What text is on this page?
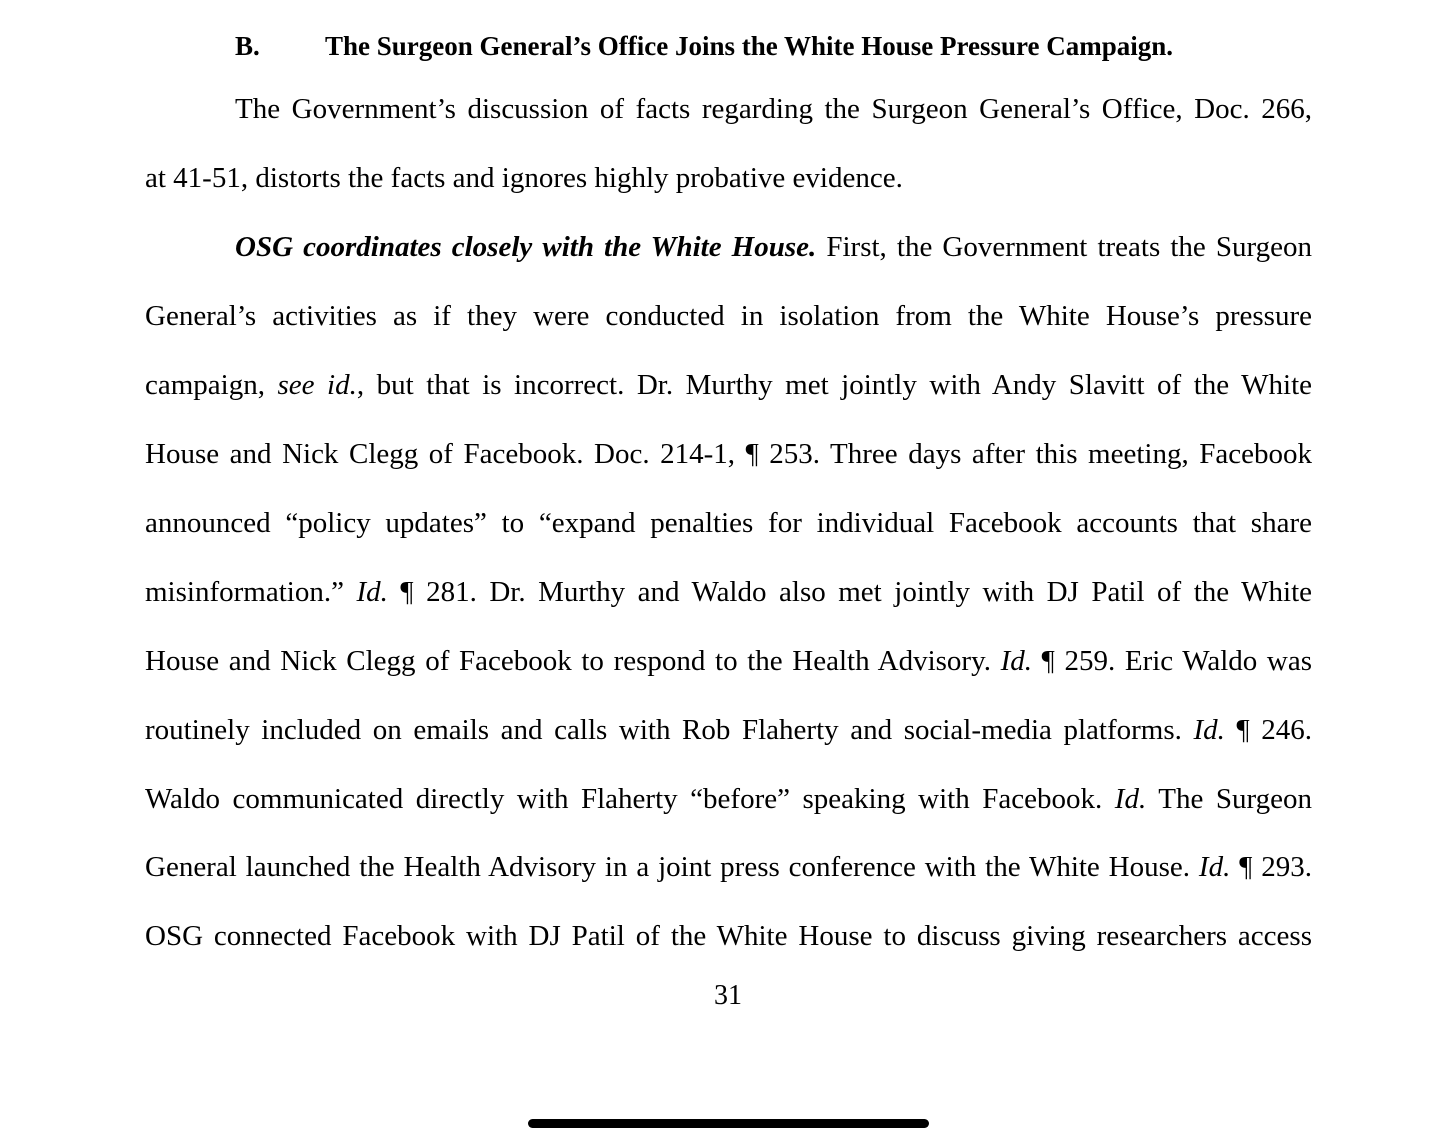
B. The Surgeon General’s Office Joins the White House Pressure Campaign.
The Government’s discussion of facts regarding the Surgeon General’s Office, Doc. 266,
at 41-51, distorts the facts and ignores highly probative evidence.
OSG coordinates closely with the White House. First, the Government treats the Surgeon
General’s activities as if they were conducted in isolation from the White House’s pressure
campaign, see id., but that is incorrect. Dr. Murthy met jointly with Andy Slavitt of the White
House and Nick Clegg of Facebook. Doc. 214-1, ¶ 253. Three days after this meeting, Facebook
announced “policy updates” to “expand penalties for individual Facebook accounts that share
misinformation.” Id. ¶ 281. Dr. Murthy and Waldo also met jointly with DJ Patil of the White
House and Nick Clegg of Facebook to respond to the Health Advisory. Id. ¶ 259. Eric Waldo was
routinely included on emails and calls with Rob Flaherty and social-media platforms. Id. ¶ 246.
Waldo communicated directly with Flaherty “before” speaking with Facebook. Id. The Surgeon
General launched the Health Advisory in a joint press conference with the White House. Id. ¶ 293.
OSG connected Facebook with DJ Patil of the White House to discuss giving researchers access
31
